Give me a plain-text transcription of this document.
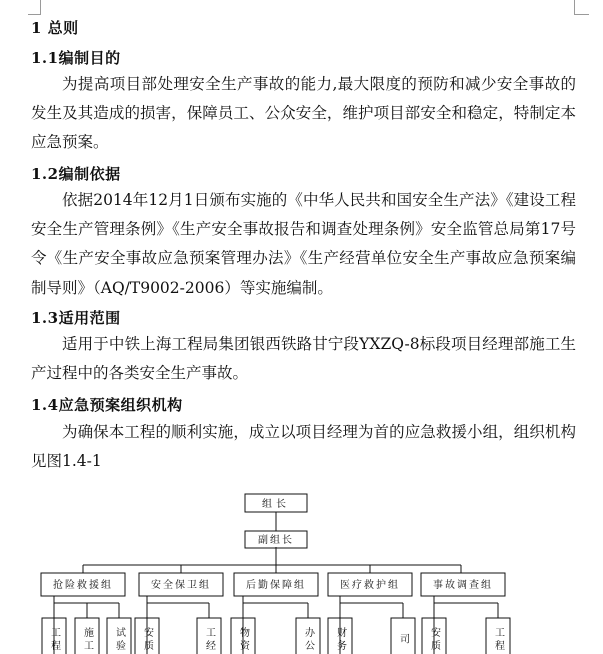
1 总则
1.1编制目的
为提高项目部处理安全生产事故的能力,最大限度的预防和减少安全事故的发生及其造成的损害，保障员工、公众安全，维护项目部安全和稳定，特制定本应急预案。
1.2编制依据
依据2014年12月1日颁布实施的《中华人民共和国安全生产法》《建设工程安全生产管理条例》《生产安全事故报告和调查处理条例》安全监管总局第17号令《生产安全事故应急预案管理办法》《生产经营单位安全生产事故应急预案编制导则》（AQ/T9002-2006）等实施编制。
1.3适用范围
适用于中铁上海工程局集团银西铁路甘宁段YXZQ-8标段项目经理部施工生产过程中的各类安全生产事故。
1.4应急预案组织机构
为确保本工程的顺利实施，成立以项目经理为首的应急救援小组，组织机构见图1.4-1
组长
副组长
抢险救援组	安全保卫组	后勤保障组	医疗救护组	事故调查组
工程 施工 试验 安质	工经 物资	办公 财务	司 安质	工程
